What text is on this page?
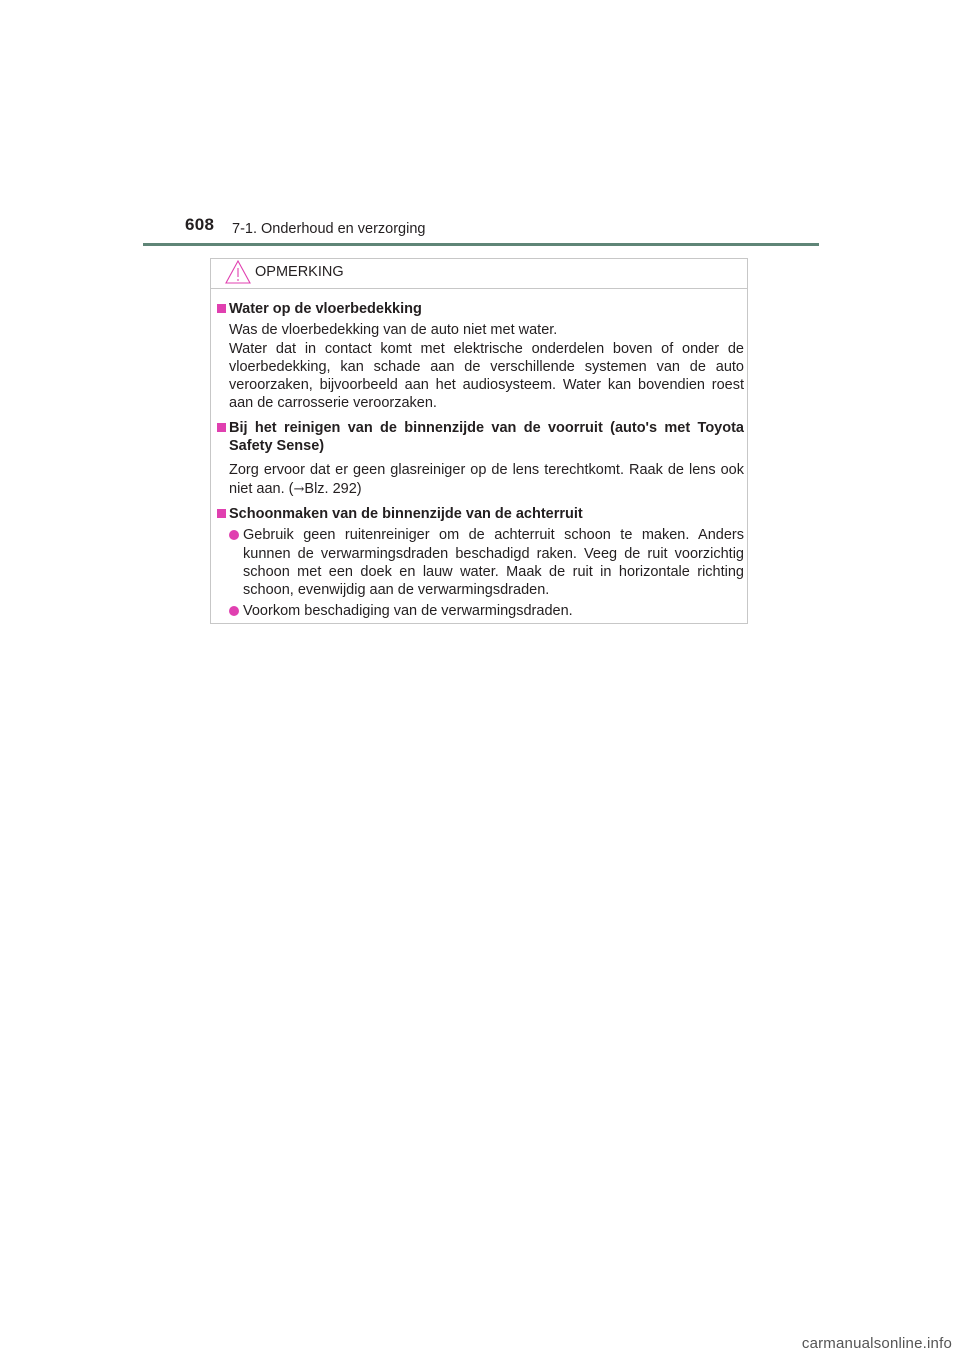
608 7-1. Onderhoud en verzorging
OPMERKING
Water op de vloerbedekking
Was de vloerbedekking van de auto niet met water.
Water dat in contact komt met elektrische onderdelen boven of onder de vloerbedekking, kan schade aan de verschillende systemen van de auto veroorzaken, bijvoorbeeld aan het audiosysteem. Water kan bovendien roest aan de carrosserie veroorzaken.
Bij het reinigen van de binnenzijde van de voorruit (auto's met Toyota Safety Sense)
Zorg ervoor dat er geen glasreiniger op de lens terechtkomt. Raak de lens ook niet aan. (→Blz. 292)
Schoonmaken van de binnenzijde van de achterruit
Gebruik geen ruitenreiniger om de achterruit schoon te maken. Anders kunnen de verwarmingsdraden beschadigd raken. Veeg de ruit voorzichtig schoon met een doek en lauw water. Maak de ruit in horizontale richting schoon, evenwijdig aan de verwarmingsdraden.
Voorkom beschadiging van de verwarmingsdraden.
carmanualsonline.info
